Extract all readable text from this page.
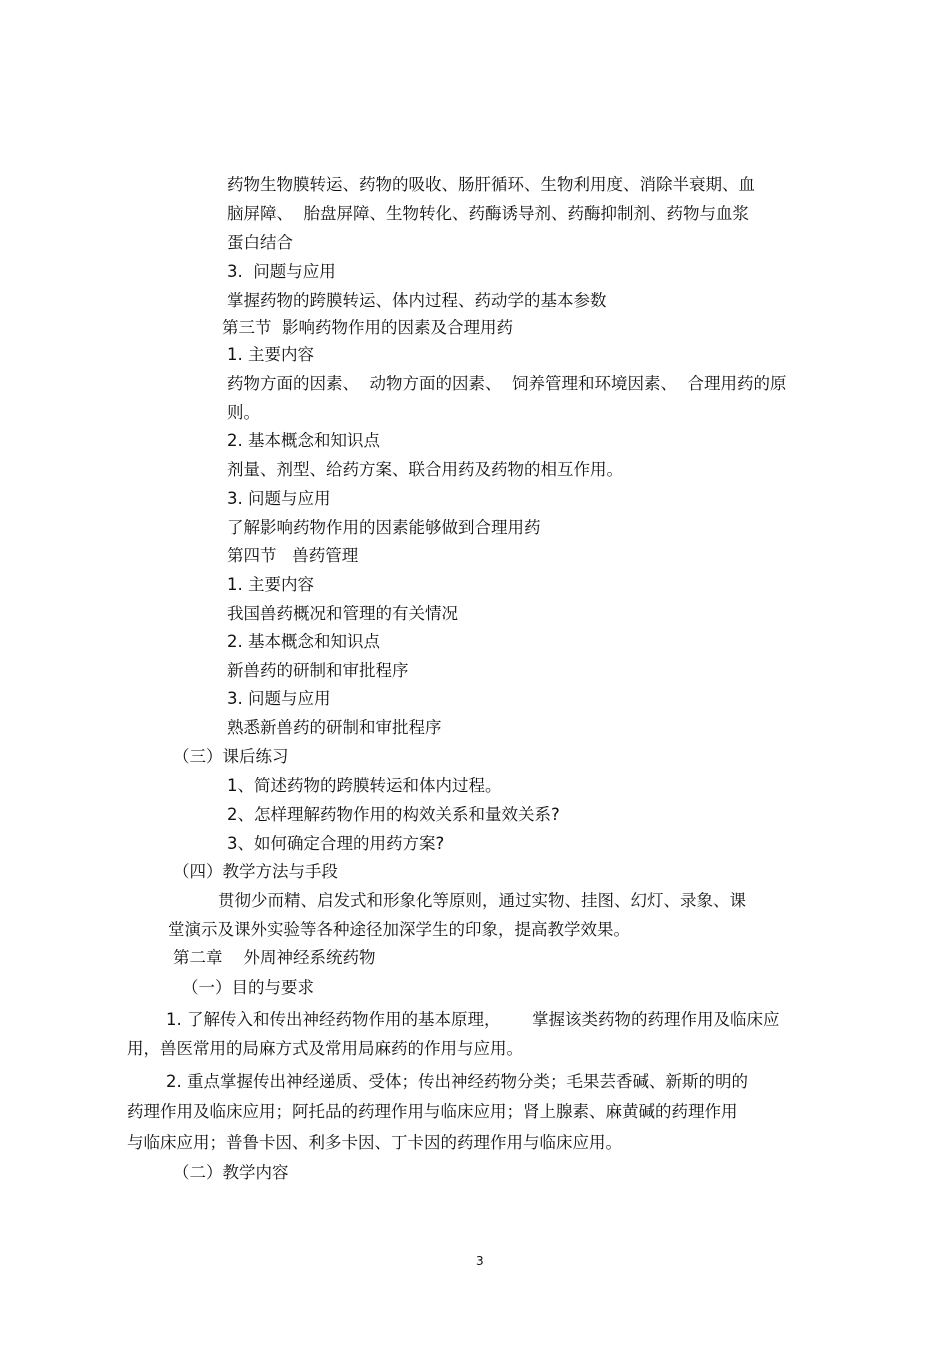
药物生物膜转运、药物的吸收、肠肝循环、生物利用度、消除半衰期、血

脑屏障、  胎盘屏障、生物转化、药酶诱导剂、药酶抑制剂、药物与血浆

蛋白结合

3.  问题与应用

掌握药物的跨膜转运、体内过程、药动学的基本参数

第三节  影响药物作用的因素及合理用药

1. 主要内容

药物方面的因素、  动物方面的因素、  饲养管理和环境因素、  合理用药的原

则。

2. 基本概念和知识点

剂量、剂型、给药方案、联合用药及药物的相互作用。

3. 问题与应用

了解影响药物作用的因素能够做到合理用药

第四节   兽药管理

1. 主要内容

我国兽药概况和管理的有关情况

2. 基本概念和知识点

新兽药的研制和审批程序

3. 问题与应用

熟悉新兽药的研制和审批程序

（三）课后练习

1、简述药物的跨膜转运和体内过程。

2、怎样理解药物作用的构效关系和量效关系?

3、如何确定合理的用药方案?

（四）教学方法与手段

贯彻少而精、启发式和形象化等原则，通过实物、挂图、幻灯、录象、课

堂演示及课外实验等各种途径加深学生的印象，提高教学效果。

第二章    外周神经系统药物

（一）目的与要求

1. 了解传入和传出神经药物作用的基本原理，      掌握该类药物的药理作用及临床应

用，兽医常用的局麻方式及常用局麻药的作用与应用。

2. 重点掌握传出神经递质、受体；传出神经药物分类；毛果芸香碱、新斯的明的

药理作用及临床应用；阿托品的药理作用与临床应用；肾上腺素、麻黄碱的药理作用

与临床应用；普鲁卡因、利多卡因、丁卡因的药理作用与临床应用。

（二）教学内容

3
